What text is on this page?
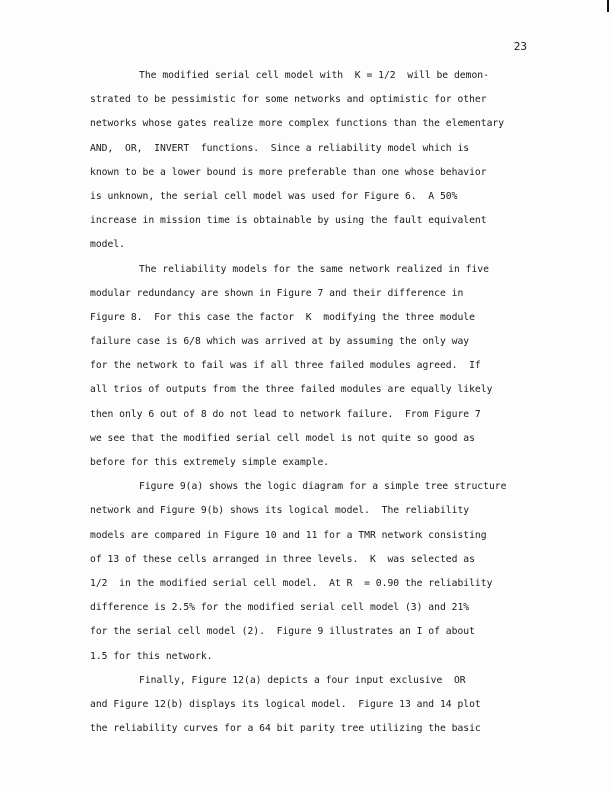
23
The modified serial cell model with  K = 1/2  will be demon-
strated to be pessimistic for some networks and optimistic for other
networks whose gates realize more complex functions than the elementary
AND,  OR,  INVERT  functions.  Since a reliability model which is
known to be a lower bound is more preferable than one whose behavior
is unknown, the serial cell model was used for Figure 6.  A 50%
increase in mission time is obtainable by using the fault equivalent
model.
The reliability models for the same network realized in five
modular redundancy are shown in Figure 7 and their difference in
Figure 8.  For this case the factor  K  modifying the three module
failure case is 6/8 which was arrived at by assuming the only way
for the network to fail was if all three failed modules agreed.  If
all trios of outputs from the three failed modules are equally likely
then only 6 out of 8 do not lead to network failure.  From Figure 7
we see that the modified serial cell model is not quite so good as
before for this extremely simple example.
Figure 9(a) shows the logic diagram for a simple tree structure
network and Figure 9(b) shows its logical model.  The reliability
models are compared in Figure 10 and 11 for a TMR network consisting
of 13 of these cells arranged in three levels.  K  was selected as
1/2  in the modified serial cell model.  At R  = 0.90 the reliability
difference is 2.5% for the modified serial cell model (3) and 21%
for the serial cell model (2).  Figure 9 illustrates an I of about
1.5 for this network.
Finally, Figure 12(a) depicts a four input exclusive  OR
and Figure 12(b) displays its logical model.  Figure 13 and 14 plot
the reliability curves for a 64 bit parity tree utilizing the basic
